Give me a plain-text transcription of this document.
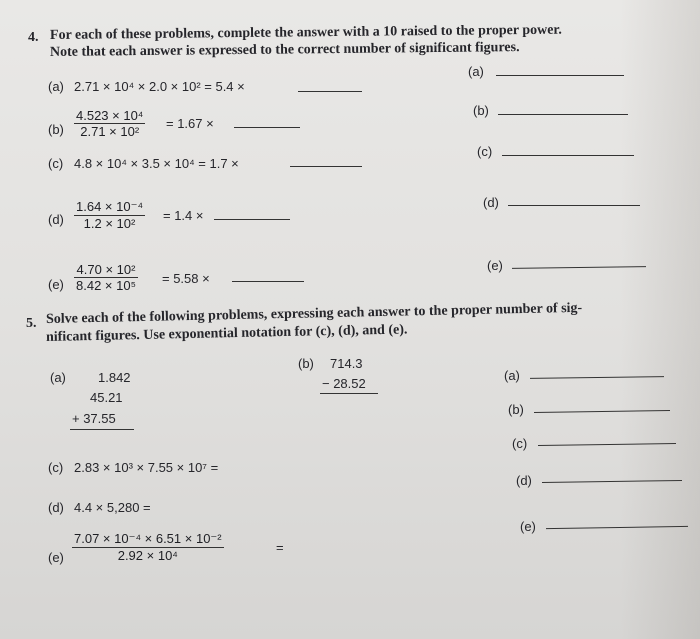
4. For each of these problems, complete the answer with a 10 raised to the proper power.
Note that each answer is expressed to the correct number of significant figures.
(a) 2.71 × 10⁴ × 2.0 × 10² = 5.4 ×
$(b) \frac{\text{4.523 × 10⁴}}{\text{2.71 × 10²}} = 1.67$ ×
(c) 4.8 × 10⁴ × 3.5 × 10⁴ = 1.7 ×
$(d) \frac{\text{1.64 × 10⁻⁴}}{\text{1.2 × 10²}} = 1.4$ ×
$(e) \frac{\text{4.70 × 10²}}{\text{8.42 × 10⁵}} = 5.58$ ×
(a)
(b)
(c)
(d)
(e)
5. Solve each of the following problems, expressing each answer to the proper number of sig-
nificant figures. Use exponential notation for (c), (d), and (e).
(a) 1.842
45.21
+ 37.55
(b) 714.3
− 28.52
(c) 2.83 × 10³ × 7.55 × 10⁷ =
(d) 4.4 × 5,280 =
$(e) \frac{\text{7.07 × 10⁻⁴ × 6.51 × 10⁻²}}{\text{2.92 × 10⁴}}$	=
(a)
(b)
(c)
(d)
(e)
